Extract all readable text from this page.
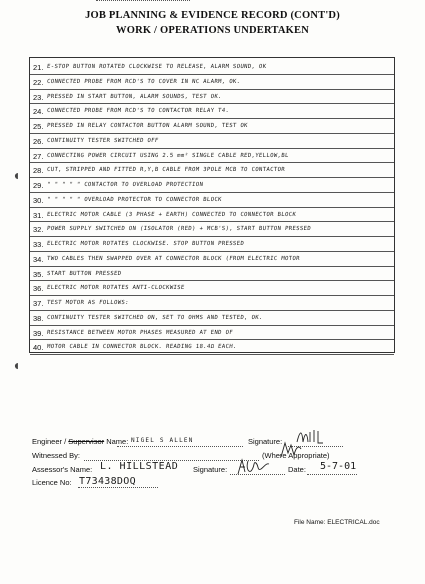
JOB PLANNING & EVIDENCE RECORD (CONT'D)
WORK / OPERATIONS UNDERTAKEN
21. E-STOP BUTTON ROTATED CLOCKWISE TO RELEASE, ALARM SOUND, OK
22. CONNECTED PROBE FROM RCD'S TO COVER IN NC ALARM, OK.
23. PRESSED IN START BUTTON, ALARM SOUNDS, TEST OK.
24. CONNECTED PROBE FROM RCD'S TO CONTACTOR RELAY T4.
25. PRESSED IN RELAY CONTACTOR BUTTON ALARM SOUND, TEST OK
26. CONTINUITY TESTER SWITCHED OFF
27. CONNECTING POWER CIRCUIT USING 2.5 mm² SINGLE CABLE RED,YELLOW,BL
28. CUT, STRIPPED AND FITTED R,Y,B CABLE FROM 3POLE MCB TO CONTACTOR
29. " " " " " CONTACTOR TO OVERLOAD PROTECTION
30. " " " " " OVERLOAD PROTECTOR TO CONNECTOR BLOCK
31. ELECTRIC MOTOR CABLE (3 PHASE + EARTH) CONNECTED TO CONNECTOR BLOCK
32. POWER SUPPLY SWITCHED ON (ISOLATOR (RED) + MCB'S), START BUTTON PRESSED
33. ELECTRIC MOTOR ROTATES CLOCKWISE. STOP BUTTON PRESSED
34. TWO CABLES THEN SWAPPED OVER AT CONNECTOR BLOCK (FROM ELECTRIC MOTOR
35. START BUTTON PRESSED
36. ELECTRIC MOTOR ROTATES ANTI-CLOCKWISE
37. TEST MOTOR AS FOLLOWS:
38. CONTINUITY TESTER SWITCHED ON, SET TO OHMS AND TESTED, OK.
39. RESISTANCE BETWEEN MOTOR PHASES MEASURED AT END OF
40. MOTOR CABLE IN CONNECTOR BLOCK. READING 18.4Ω EACH.
◖
◖
Engineer / Supervisor Name: NIGEL S ALLEN	Signature:
Witnessed By:	(Where Appropriate)
Assessor's Name: L. HILLSTEAD Signature:	Date: 5-7-01
Licence No: T73438DOQ
File Name: ELECTRICAL.doc
